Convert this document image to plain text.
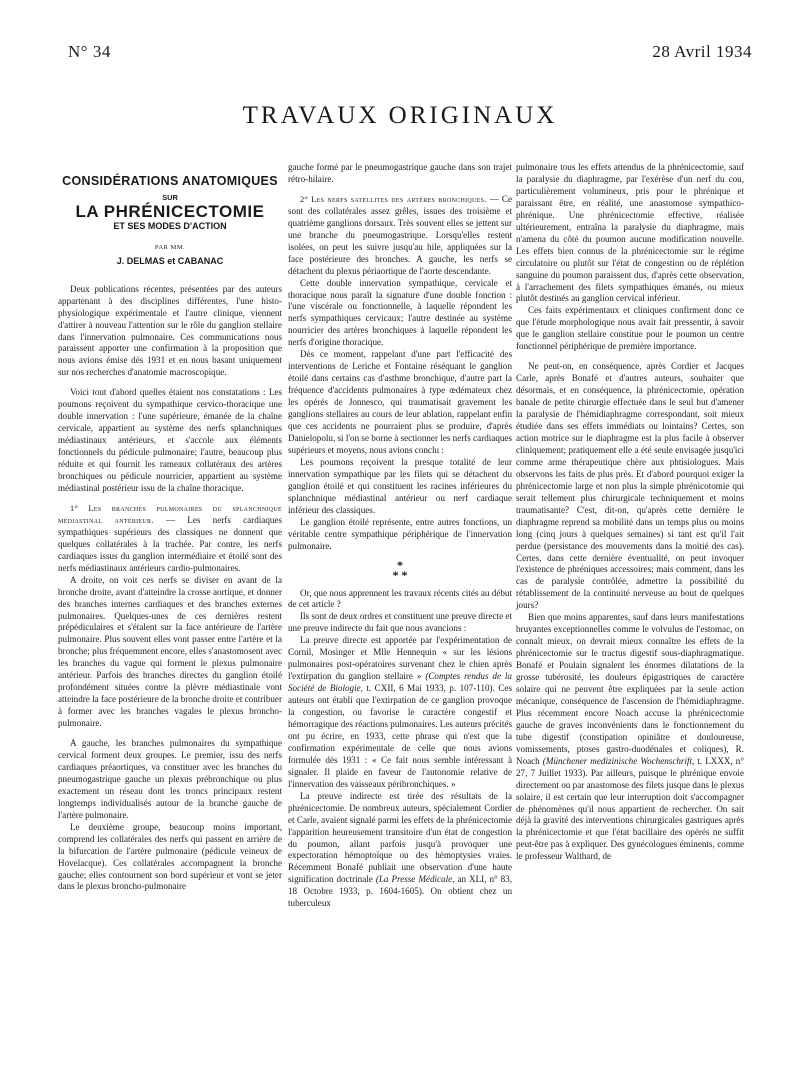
N° 34	28 Avril 1934
TRAVAUX ORIGINAUX
CONSIDÉRATIONS ANATOMIQUES
SUR
LA PHRÉNICECTOMIE
ET SES MODES D'ACTION
PAR MM.
J. DELMAS et CABANAC

Deux publications récentes, présentées par des auteurs appartenant à des disciplines différentes, l'une histo-physiologique expérimentale et l'autre clinique, viennent d'attirer à nouveau l'attention sur le rôle du ganglion stellaire dans l'innervation pulmonaire. Ces communications nous paraissent apporter une confirmation à la proposition que nous avions émise dès 1931 et en nous basant uniquement sur nos recherches d'anatomie macroscopique.

Voici tout d'abord quelles étaient nos constatations : Les poumons reçoivent du sympathique cervico-thoracique une double innervation : l'une supérieure, émanée de la chaîne cervicale, appartient au système des nerfs splanchniques médiastinaux antérieurs, et s'accole aux éléments fonctionnels du pédicule pulmonaire; l'autre, beaucoup plus réduite et qui fournit les rameaux collatéraux des artères bronchiques ou pédicule nourricier, appartient au système médiastinal postérieur issu de la chaîne thoracique.

1° Les branches pulmonaires du splanchnique médiastinal antérieur. — Les nerfs cardiaques sympathiques supérieurs des classiques ne donnent que quelques collatérales à la trachée. Par contre, les nerfs cardiaques issus du ganglion intermédiaire et étoilé sont des nerfs médiastinaux antérieurs cardio-pulmonaires.

A droite, on voit ces nerfs se diviser en avant de la bronche droite, avant d'atteindre la crosse aortique, et donner des branches internes cardiaques et des branches externes pulmonaires. Quelques-unes de ces dernières restent prépédiculaires et s'étalent sur la face antérieure de l'artère pulmonaire. Plus souvent elles vont passer entre l'artère et la bronche; plus fréquemment encore, elles s'anastomosent avec les branches du vague qui forment le plexus pulmonaire antérieur. Parfois des branches directes du ganglion étoilé profondément situées contre la plèvre médiastinale vont atteindre la face postérieure de la bronche droite et contribuer à former avec les branches vagales le plexus broncho-pulmonaire.

A gauche, les branches pulmonaires du sympathique cervical forment deux groupes. Le premier, issu des nerfs cardiaques préaortiques, va constituer avec les branches du pneumogastrique gauche un plexus prébronchique ou plus exactement un réseau dont les troncs principaux restent longtemps individualisés autour de la branche gauche de l'artère pulmonaire.

Le deuxième groupe, beaucoup moins important, comprend les collatérales des nerfs qui passent en arrière de la bifurcation de l'artère pulmonaire (pédicule veineux de Hovelacque). Ces collatérales accompagnent la bronche gauche; elles contournent son bord supérieur et vont se jeter dans le plexus broncho-pulmonaire

gauche formé par le pneumogastrique gauche dans son trajet rétro-hilaire.

2° Les nerfs satellites des artères bronchiques. — Ce sont des collatérales assez grêles, issues des troisième et quatrième ganglions dorsaux. Très souvent elles se jettent sur une branche du pneumogastrique. Lorsqu'elles restent isolées, on peut les suivre jusqu'au hile, appliquées sur la face postérieure des bronches. A gauche, les nerfs se détachent du plexus périaortique de l'aorte descendante.

Cette double innervation sympathique, cervicale et thoracique nous paraît la signature d'une double fonction : l'une viscérale ou fonctionnelle, à laquelle répondent les nerfs sympathiques cervicaux; l'autre destinée au système nourricier des artères bronchiques à laquelle répondent les nerfs d'origine thoracique.

Dès ce moment, rappelant d'une part l'efficacité des interventions de Leriche et Fontaine réséquant le ganglion étoilé dans certains cas d'asthme bronchique, d'autre part la fréquence d'accidents pulmonaires à type œdémateux chez les opérés de Jonnesco, qui traumatisait gravement les ganglions stellaires au cours de leur ablation, rappelant enfin que ces accidents ne pourraient plus se produire, d'après Danielopolu, si l'on se borne à sectionner les nerfs cardiaques supérieurs et moyens, nous avions conclu :

Les poumons reçoivent la presque totalité de leur innervation sympathique par les filets qui se détachent du ganglion étoilé et qui constituent les racines inférieures du splanchnique médiastinal antérieur ou nerf cardiaque inférieur des classiques.

Le ganglion étoilé représente, entre autres fonctions, un véritable centre sympathique périphérique de l'innervation pulmonaire.

*
* *

Or, que nous apprennent les travaux récents cités au début de cet article ?

Ils sont de deux ordres et constituent une preuve directe et une preuve indirecte du fait que nous avancions :

La preuve directe est apportée par l'expérimentation de Cornil, Mosinger et Mlle Hennequin « sur les lésions pulmonaires post-opératoires survenant chez le chien après l'extirpation du ganglion stellaire » (Comptes rendus de la Société de Biologie, t. CXII, 6 Mai 1933, p. 107-110). Ces auteurs ont établi que l'extirpation de ce ganglion provoque la congestion, ou favorise le caractère congestif et hémorragique des réactions pulmonaires. Les auteurs précités ont pu écrire, en 1933, cette phrase qui n'est que la confirmation expérimentale de celle que nous avions formulée dès 1931 : « Ce fait nous semble intéressant à signaler. Il plaide en faveur de l'autonomie relative de l'innervation des vaisseaux péribronchiques. »

La preuve indirecte est tirée des résultats de la phrénicectomie. De nombreux auteurs, spécialement Cordier et Carle, avaient signalé parmi les effets de la phrénicectomie l'apparition heureusement transitoire d'un état de congestion du poumon, allant parfois jusqu'à provoquer une expectoration hémoptoïque ou des hémoptysies vraies. Récemment Bonafé publiait une observation d'une haute signification doctrinale (La Presse Médicale, an XLI, n° 83, 18 Octobre 1933, p. 1604-1605). On obtient chez un tuberculeux

pulmonaire tous les effets attendus de la phrénicectomie, sauf la paralysie du diaphragme, par l'exérèse d'un nerf du cou, particulièrement volumineux, pris pour le phrénique et paraissant être, en réalité, une anastomose sympathico-phrénique. Une phrénicectomie effective, réalisée ultérieurement, entraîna la paralysie du diaphragme, mais n'amena du côté du poumon aucune modification nouvelle. Les effets bien connus de la phrénicectomie sur le régime circulatoire ou plutôt sur l'état de congestion ou de réplétion sanguine du poumon paraissent dus, d'après cette observation, à l'arrachement des filets sympathiques émanés, ou mieux plutôt destinés au ganglion cervical inférieur.

Ces faits expérimentaux et cliniques confirment donc ce que l'étude morphologique nous avait fait pressentir, à savoir que le ganglion stellaire constitue pour le poumon un centre fonctionnel périphérique de première importance.

Ne peut-on, en conséquence, après Cordier et Jacques Carle, après Bonafé et d'autres auteurs, souhaiter que désormais, et en conséquence, la phrénicectomie, opération banale de petite chirurgie effectuée dans le seul but d'amener la paralysie de l'hémidiaphragme correspondant, soit mieux étudiée dans ses effets immédiats ou lointains? Certes, son action motrice sur le diaphragme est la plus facile à observer cliniquement; pratiquement elle a été seule envisagée jusqu'ici comme arme thérapeutique chère aux phtisiologues. Mais observons les faits de plus près. Et d'abord pourquoi exiger la phrénicectomie large et non plus la simple phrénicotomie qui serait tellement plus chirurgicale techniquement et moins traumatisante? C'est, dit-on, qu'après cette dernière le diaphragme reprend sa mobilité dans un temps plus ou moins long (cinq jours à quelques semaines) si tant est qu'il l'ait perdue (persistance des mouvements dans la moitié des cas). Certes, dans cette dernière éventualité, on peut invoquer l'existence de phréniques accessoires; mais comment, dans les cas de paralysie contrôlée, admettre la possibilité du rétablissement de la continuité nerveuse au bout de quelques jours?

Bien que moins apparentes, sauf dans leurs manifestations bruyantes exceptionnelles comme le volvulus de l'estomac, on connaît mieux, on devrait mieux connaître les effets de la phrénicectomie sur le tractus digestif sous-diaphragmatique. Bonafé et Poulain signalent les énormes dilatations de la grosse tubérosité, les douleurs épigastriques de caractère solaire qui ne peuvent être expliquées par la seule action mécanique, conséquence de l'ascension de l'hémidiaphragme. Plus récemment encore Noach accuse la phrénicectomie gauche de graves inconvénients dans le fonctionnement du tube digestif (constipation opiniâtre et douloureuse, vomissements, ptoses gastro-duodénales et coliques), R. Noach (Münchener medizinische Wochenschrift, t. LXXX, n° 27, 7 Juillet 1933). Par ailleurs, puisque le phrénique envoie directement ou par anastomose des filets jusque dans le plexus solaire, il est certain que leur interruption doit s'accompagner de phénomènes qu'il nous appartient de rechercher. On sait déjà la gravité des interventions chirurgicales gastriques après la phrénicectomie et que l'état bacillaire des opérés ne suffit peut-être pas à expliquer. Des gynécologues éminents, comme le professeur Walthard, de
